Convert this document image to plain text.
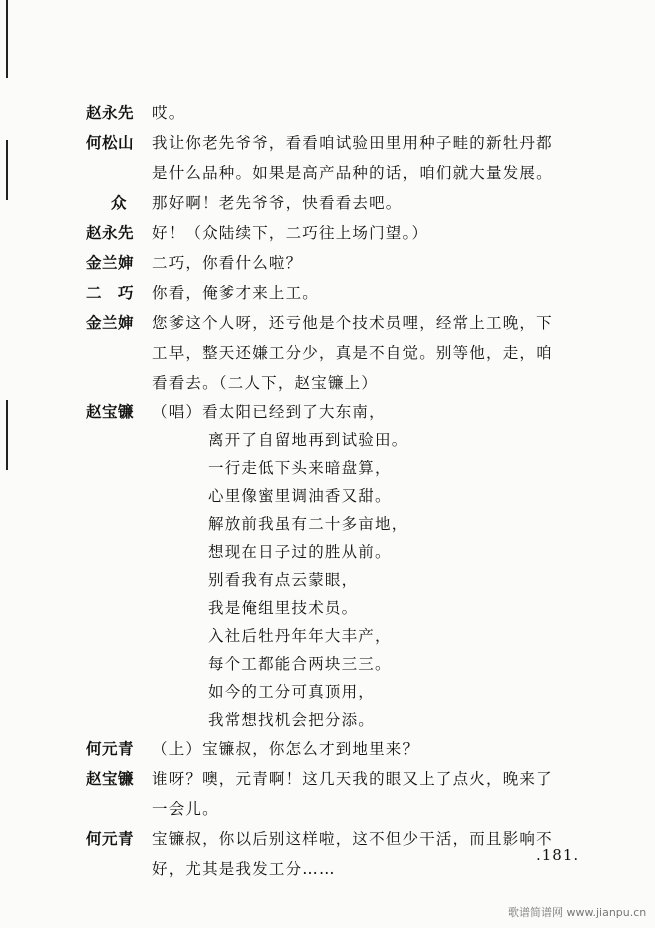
赵永先	哎。
何松山	我让你老先爷爷，看看咱试验田里用种子畦的新牡丹都
是什么品种。如果是高产品种的话，咱们就大量发展。
众	那好啊！老先爷爷，快看看去吧。
赵永先	好！（众陆续下，二巧往上场门望。）
金兰婶	二巧，你看什么啦？
二　巧	你看，俺爹才来上工。
金兰婶	您爹这个人呀，还亏他是个技术员哩，经常上工晚，下
工早，整天还嫌工分少，真是不自觉。别等他，走，咱
看看去。（二人下，赵宝镰上）
赵宝镰	（唱） 看太阳已经到了大东南，
离开了自留地再到试验田。
一行走低下头来暗盘算，
心里像蜜里调油香又甜。
解放前我虽有二十多亩地，
想现在日子过的胜从前。
别看我有点云蒙眼，
我是俺组里技术员。
入社后牡丹年年大丰产，
每个工都能合两块三三。
如今的工分可真顶用，
我常想找机会把分添。
何元青	（上）宝镰叔，你怎么才到地里来？
赵宝镰	谁呀？噢，元青啊！这几天我的眼又上了点火，晚来了
一会儿。
何元青	宝镰叔，你以后别这样啦，这不但少干活，而且影响不
好，尤其是我发工分……
.181.
歌谱简谱网 www.jianpu.cn
